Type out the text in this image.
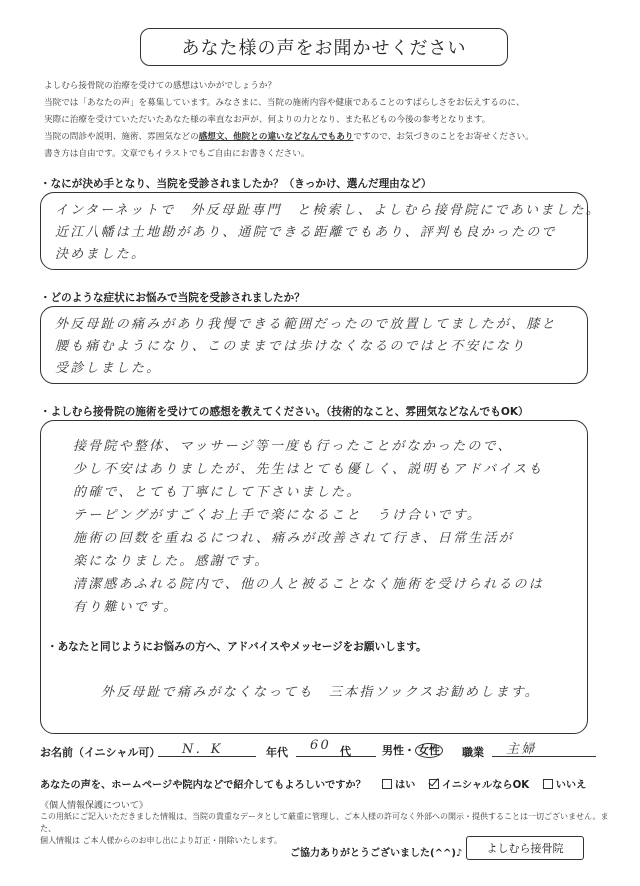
あなた様の声をお聞かせください
よしむら接骨院の治療を受けての感想はいかがでしょうか？
当院では「あなたの声」を募集しています。みなさまに、当院の施術内容や健康であることのすばらしさをお伝えするのに、
実際に治療を受けていただいたあなた様の率直なお声が、何よりの力となり、また私どもの今後の参考となります。
当院の問診や説明、施術、雰囲気などの感想文、他院との違いなどなんでもありですので、お気づきのことをお寄せください。
書き方は自由です。文章でもイラストでもご自由にお書きください。
・なにが決め手となり、当院を受診されましたか？（きっかけ、選んだ理由など）
インターネットで　外反母趾専門　と検索し、よしむら接骨院にであいました。
近江八幡は土地勘があり、通院できる距離でもあり、評判も良かったので
決めました。
・どのような症状にお悩みで当院を受診されましたか？
外反母趾の痛みがあり我慢できる範囲だったので放置してましたが、膝と
腰も痛むようになり、このままでは歩けなくなるのではと不安になり
受診しました。
・よしむら接骨院の施術を受けての感想を教えてください。（技術的なこと、雰囲気などなんでもOK）
接骨院や整体、マッサージ等一度も行ったことがなかったので、
少し不安はありましたが、先生はとても優しく、説明もアドバイスも
的確で、とても丁寧にして下さいました。
テーピングがすごくお上手で楽になること　うけ合いです。
施術の回数を重ねるにつれ、痛みが改善されて行き、日常生活が
楽になりました。感謝です。
清潔感あふれる院内で、他の人と被ることなく施術を受けられるのは
有り難いです。
・あなたと同じようにお悩みの方へ、アドバイスやメッセージをお願いします。
外反母趾で痛みがなくなっても　三本指ソックスお勧めします。
お名前（イニシャル可） N．K	年代 60 代	男性・ 女性 職業 主婦
あなたの声を、ホームページや院内などで紹介してもよろしいですか？	はい	イニシャルならOK	いいえ
《個人情報保護について》
この用紙にご記入いただきました情報は、当院の貴重なデータとして厳重に管理し、ご本人様の許可なく外部への開示・提供することは一切ございません。また、
個人情報は ご本人様からのお申し出により訂正・削除いたします。
ご協力ありがとうございました(^^)♪	よしむら接骨院
